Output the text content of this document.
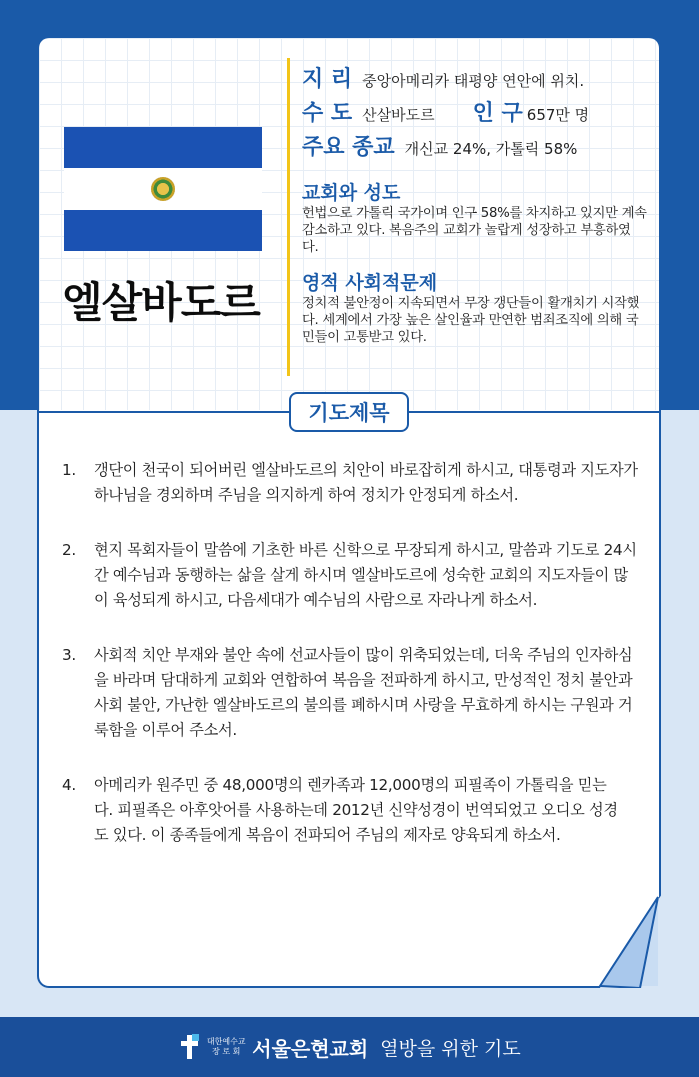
엘살바도르
지 리 중앙아메리카 태평양 연안에 위치.
수 도 산살바도르 인 구 657만 명
주요 종교 개신교 24%, 가톨릭 58%
교회와 성도
헌법으로 가톨릭 국가이며 인구 58%를 차지하고 있지만 계속 감소하고 있다. 복음주의 교회가 놀랍게 성장하고 부흥하였다.
영적 사회적문제
정치적 불안정이 지속되면서 무장 갱단들이 활개치기 시작했다. 세계에서 가장 높은 살인율과 만연한 범죄조직에 의해 국민들이 고통받고 있다.
기도제목
1.	갱단이 천국이 되어버린 엘살바도르의 치안이 바로잡히게 하시고, 대통령과 지도자가 하나님을 경외하며 주님을 의지하게 하여 정치가 안정되게 하소서.
2.	현지 목회자들이 말씀에 기초한 바른 신학으로 무장되게 하시고, 말씀과 기도로 24시간 예수님과 동행하는 삶을 살게 하시며 엘살바도르에 성숙한 교회의 지도자들이 많이 육성되게 하시고, 다음세대가 예수님의 사람으로 자라나게 하소서.
3.	사회적 치안 부재와 불안 속에 선교사들이 많이 위축되었는데, 더욱 주님의 인자하심을 바라며 담대하게 교회와 연합하여 복음을 전파하게 하시고, 만성적인 정치 불안과 사회 불안, 가난한 엘살바도르의 불의를 폐하시며 사랑을 무효하게 하시는 구원과 거룩함을 이루어 주소서.
4.	아메리카 원주민 중 48,000명의 렌카족과 12,000명의 피필족이 가톨릭을 믿는다. 피필족은 아후앗어를 사용하는데 2012년 신약성경이 번역되었고 오디오 성경도 있다. 이 종족들에게 복음이 전파되어 주님의 제자로 양육되게 하소서.
대한예수교
장 로 회 서울은현교회 열방을 위한 기도
